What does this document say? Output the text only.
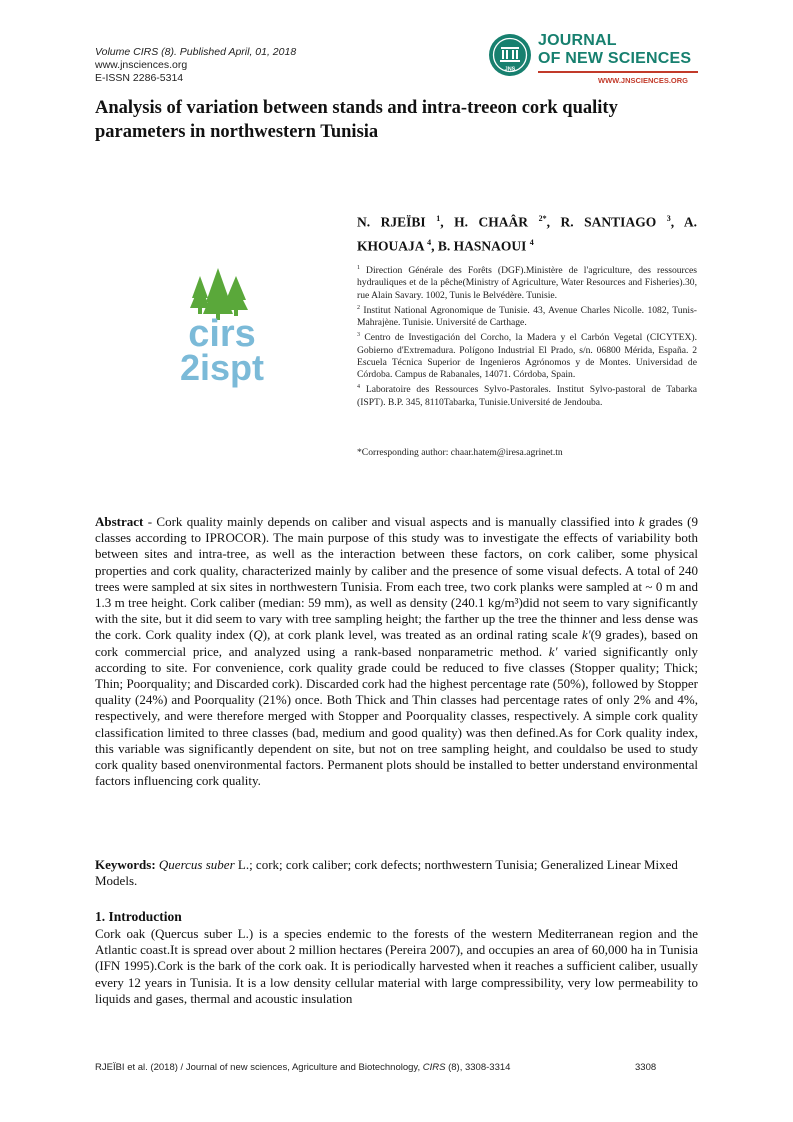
Volume CIRS (8). Published April, 01, 2018
www.jnsciences.org
E-ISSN 2286-5314
JNS
JOURNAL
OF NEW SCIENCES
WWW.JNSCIENCES.ORG
Analysis of variation between stands and intra-treeon cork quality parameters in northwestern Tunisia
N. RJEÏBI $^1$, H. CHAÂR $^{2*}$, R. SANTIAGO $^3$, A. KHOUAJA $^4$, B. HASNAOUI $^4$
cirs
2ispt

$^1$ Direction Générale des Forêts (DGF).Ministère de l'agriculture, des ressources hydrauliques et de la pêche(Ministry of Agriculture, Water Resources and Fisheries).30, rue Alain Savary. 1002, Tunis le Belvédère. Tunisie.

$^2$ Institut National Agronomique de Tunisie. 43, Avenue Charles Nicolle. 1082, Tunis- Mahrajène. Tunisie. Université de Carthage.

$^3$ Centro de Investigación del Corcho, la Madera y el Carbón Vegetal (CICYTEX). Gobierno d'Extremadura. Polígono Industrial El Prado, s/n. 06800 Mérida, España. 2 Escuela Técnica Superior de Ingenieros Agrónomos y de Montes. Universidad de Córdoba. Campus de Rabanales, 14071. Córdoba, Spain.

$^4$ Laboratoire des Ressources Sylvo-Pastorales. Institut Sylvo-pastoral de Tabarka (ISPT). B.P. 345, 8110Tabarka, Tunisie.Université de Jendouba.

*Corresponding author: chaar.hatem@iresa.agrinet.tn

Abstract - Cork quality mainly depends on caliber and visual aspects and is manually classified into k grades (9 classes according to IPROCOR). The main purpose of this study was to investigate the effects of variability both between sites and intra-tree, as well as the interaction between these factors, on cork caliber, some physical properties and cork quality, characterized mainly by caliber and the presence of some visual defects. A total of 240 trees were sampled at six sites in northwestern Tunisia. From each tree, two cork planks were sampled at ~ 0 m and 1.3 m tree height. Cork caliber (median: 59 mm), as well as density (240.1 kg/m³)did not seem to vary significantly with the site, but it did seem to vary with tree sampling height; the farther up the tree the thinner and less dense was the cork. Cork quality index (Q), at cork plank level, was treated as an ordinal rating scale k'(9 grades), based on cork commercial price, and analyzed using a rank-based nonparametric method. k' varied significantly only according to site. For convenience, cork quality grade could be reduced to five classes (Stopper quality; Thick; Thin; Poorquality; and Discarded cork). Discarded cork had the highest percentage rate (50%), followed by Stopper quality (24%) and Poorquality (21%) once. Both Thick and Thin classes had percentage rates of only 2% and 4%, respectively, and were therefore merged with Stopper and Poorquality classes, respectively. A simple cork quality classification limited to three classes (bad, medium and good quality) was then defined.As for Cork quality index, this variable was significantly dependent on site, but not on tree sampling height, and couldalso be used to study cork quality based onenvironmental factors. Permanent plots should be installed to better understand environmental factors influencing cork quality.

Keywords: Quercus suber L.; cork; cork caliber; cork defects; northwestern Tunisia; Generalized Linear Mixed Models.

1. Introduction

Cork oak (Quercus suber L.) is a species endemic to the forests of the western Mediterranean region and the Atlantic coast.It is spread over about 2 million hectares (Pereira 2007), and occupies an area of 60,000 ha in Tunisia (IFN 1995).Cork is the bark of the cork oak. It is periodically harvested when it reaches a sufficient caliber, usually every 12 years in Tunisia. It is a low density cellular material with large compressibility, very low permeability to liquids and gases, thermal and acoustic insulation

RJEÏBI et al. (2018) / Journal of new sciences, Agriculture and Biotechnology, CIRS (8), 3308-3314	3308
